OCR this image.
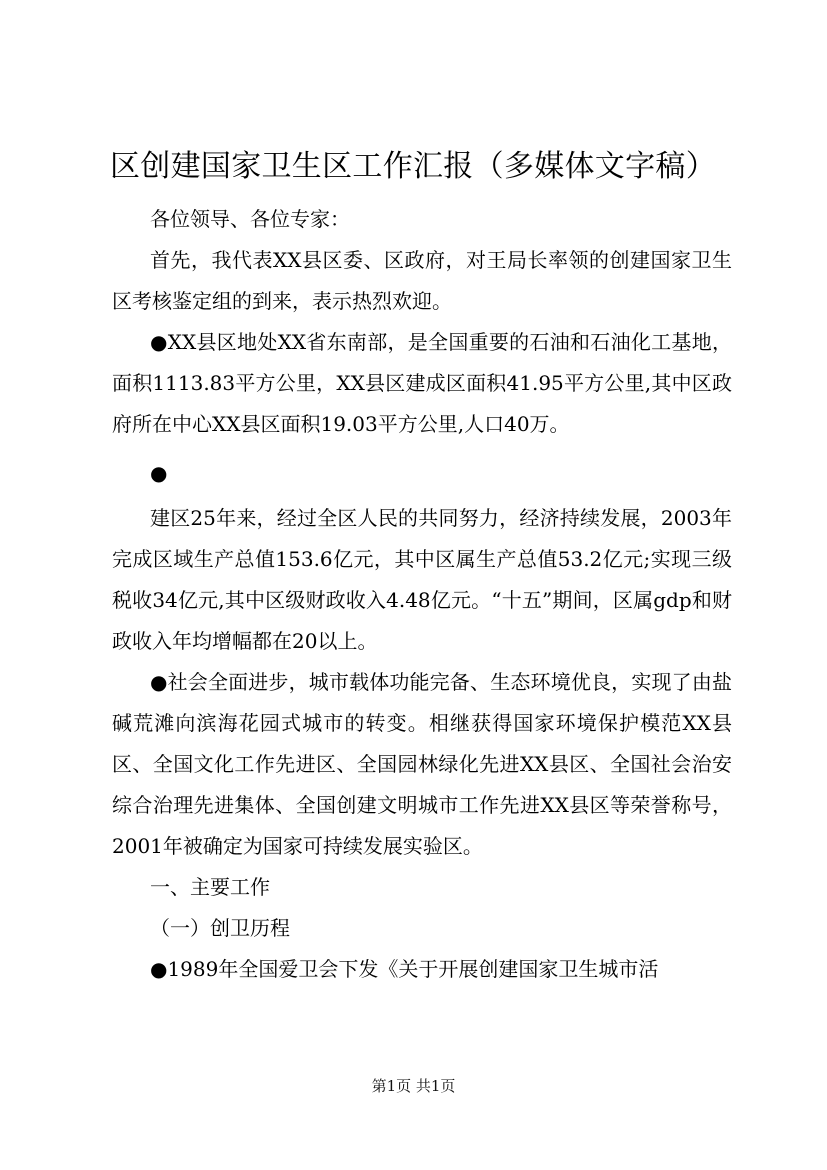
区创建国家卫生区工作汇报（多媒体文字稿）

各位领导、各位专家：

首先，我代表XX县区委、区政府，对王局长率领的创建国家卫生区考核鉴定组的到来，表示热烈欢迎。

●XX县区地处XX省东南部，是全国重要的石油和石油化工基地，面积1113.83平方公里，XX县区建成区面积41.95平方公里,其中区政府所在中心XX县区面积19.03平方公里,人口40万。

●

建区25年来，经过全区人民的共同努力，经济持续发展，2003年完成区域生产总值153.6亿元，其中区属生产总值53.2亿元;实现三级税收34亿元,其中区级财政收入4.48亿元。“十五”期间，区属gdp和财政收入年均增幅都在20以上。

●社会全面进步，城市载体功能完备、生态环境优良，实现了由盐碱荒滩向滨海花园式城市的转变。相继获得国家环境保护模范XX县区、全国文化工作先进区、全国园林绿化先进XX县区、全国社会治安综合治理先进集体、全国创建文明城市工作先进XX县区等荣誉称号，2001年被确定为国家可持续发展实验区。

一、主要工作

（一）创卫历程

●1989年全国爱卫会下发《关于开展创建国家卫生城市活

第1页 共1页
